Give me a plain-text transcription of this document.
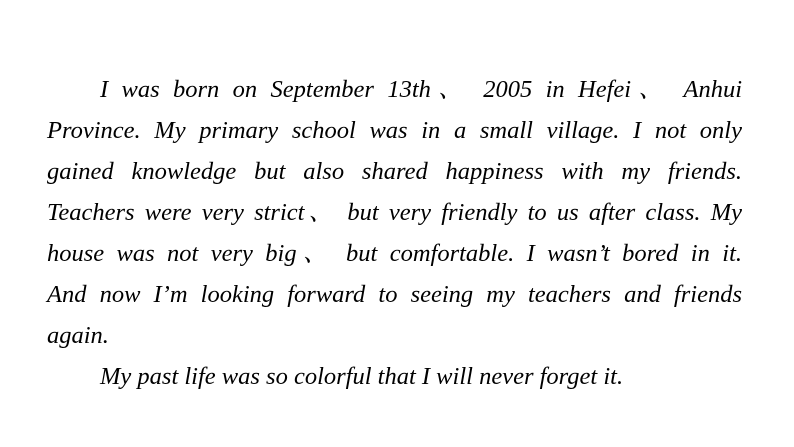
I was born on September 13th、 2005 in Hefei、 Anhui
Province. My primary school was in a small village. I not only
gained knowledge but also shared happiness with my friends.
Teachers were very strict、 but very friendly to us after class. My
house was not very big、 but comfortable. I wasn’t bored in it.
And now I’m looking forward to seeing my teachers and friends
again.
My past life was so colorful that I will never forget it.
